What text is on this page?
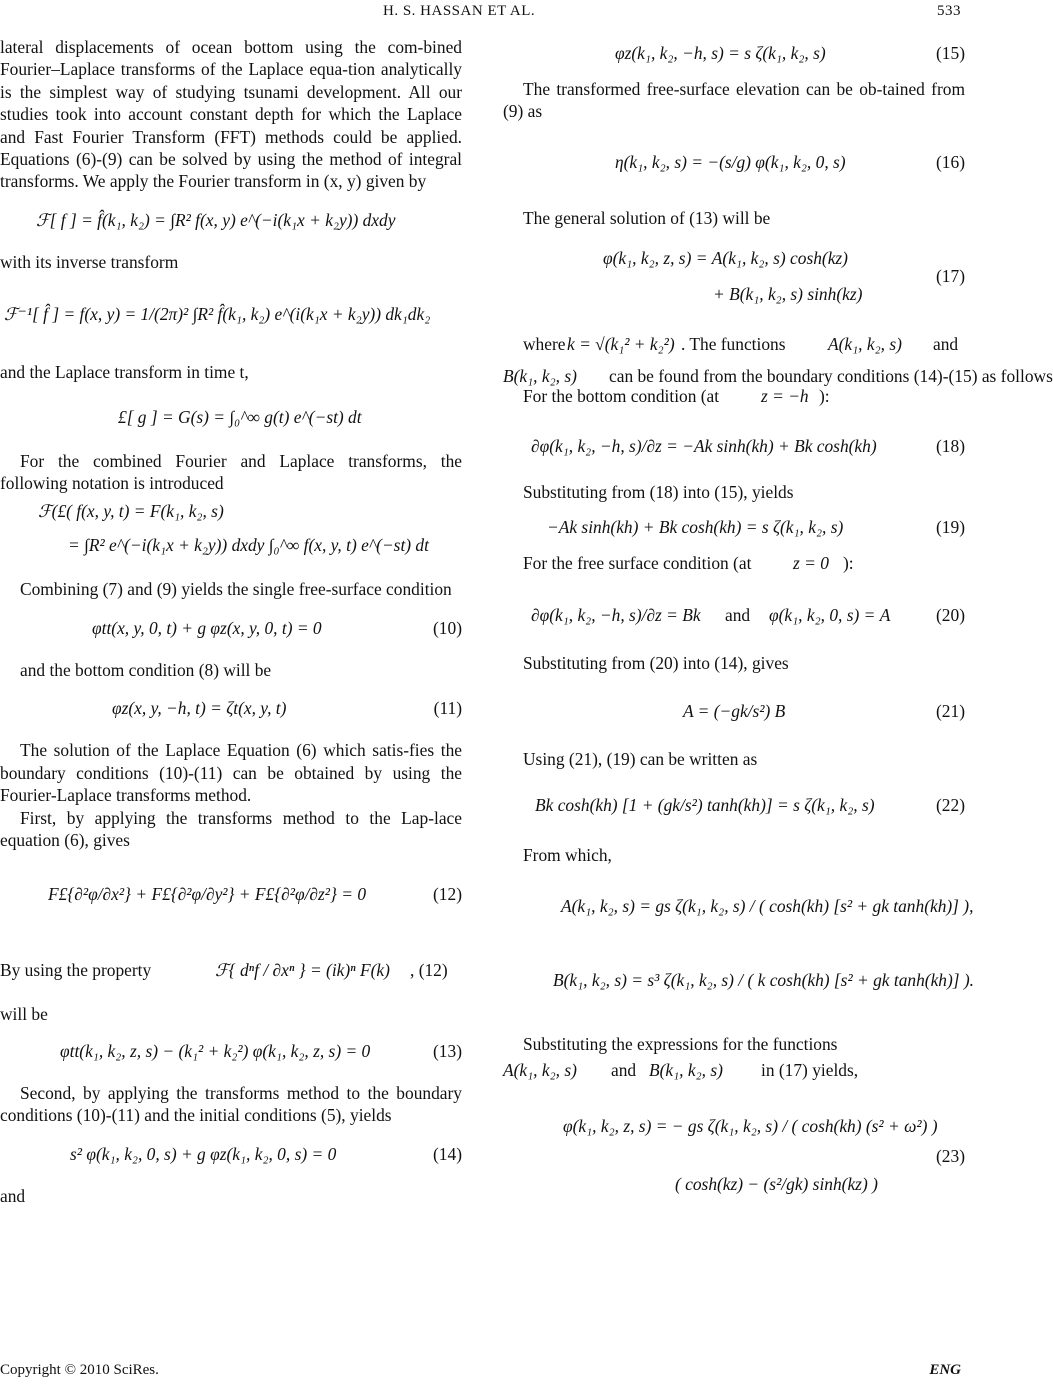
H. S. HASSAN ET AL.	533

lateral displacements of ocean bottom using the com-bined Fourier–Laplace transforms of the Laplace equa-tion analytically is the simplest way of studying tsunami development. All our studies took into account constant depth for which the Laplace and Fast Fourier Transform (FFT) methods could be applied. Equations (6)-(9) can be solved by using the method of integral transforms. We apply the Fourier transform in (x, y) given by

ℱ[ f ] = f̂(k₁, k₂) = ∫R² f(x, y) e^(−i(k₁x + k₂y)) dxdy

with its inverse transform

ℱ⁻¹[ f̂ ] = f(x, y) = 1/(2π)² ∫R² f̂(k₁, k₂) e^(i(k₁x + k₂y)) dk₁dk₂

and the Laplace transform in time t,

£[ g ] = G(s) = ∫₀^∞ g(t) e^(−st) dt

For the combined Fourier and Laplace transforms, the following notation is introduced

ℱ(£( f(x, y, t) = F(k₁, k₂, s)
= ∫R² e^(−i(k₁x + k₂y)) dxdy ∫₀^∞ f(x, y, t) e^(−st) dt

Combining (7) and (9) yields the single free-surface condition

φtt(x, y, 0, t) + g φz(x, y, 0, t) = 0	(10)

and the bottom condition (8) will be

φz(x, y, −h, t) = ζt(x, y, t)	(11)

The solution of the Laplace Equation (6) which satis-fies the boundary conditions (10)-(11) can be obtained by using the Fourier-Laplace transforms method.

First, by applying the transforms method to the Lap-lace equation (6), gives

F£{∂²φ/∂x²} + F£{∂²φ/∂y²} + F£{∂²φ/∂z²} = 0	(12)
By using the property	ℱ{ dⁿf / ∂xⁿ } = (ik)ⁿ F(k) , (12)

will be

φtt(k₁, k₂, z, s) − (k₁² + k₂²) φ(k₁, k₂, z, s) = 0	(13)

Second, by applying the transforms method to the boundary conditions (10)-(11) and the initial conditions (5), yields

s² φ(k₁, k₂, 0, s) + g φz(k₁, k₂, 0, s) = 0	(14)

and

φz(k₁, k₂, −h, s) = s ζ(k₁, k₂, s)	(15)

The transformed free-surface elevation can be ob-tained from (9) as

η(k₁, k₂, s) = −(s/g) φ(k₁, k₂, 0, s)	(16)

The general solution of (13) will be

φ(k₁, k₂, z, s) = A(k₁, k₂, s) cosh(kz)
+ B(k₁, k₂, s) sinh(kz)
(17)
where k = √(k₁² + k₂²) . The functions A(k₁, k₂, s) and
B(k₁, k₂, s) can be found from the boundary conditions (14)-(15) as follows
For the bottom condition (at z = −h ):
∂φ(k₁, k₂, −h, s)/∂z = −Ak sinh(kh) + Bk cosh(kh)	(18)

Substituting from (18) into (15), yields

−Ak sinh(kh) + Bk cosh(kh) = s ζ(k₁, k₂, s)	(19)
For the free surface condition (at z = 0 ):
∂φ(k₁, k₂, −h, s)/∂z = Bk and φ(k₁, k₂, 0, s) = A	(20)

Substituting from (20) into (14), gives

A = (−gk/s²) B	(21)

Using (21), (19) can be written as

Bk cosh(kh) [1 + (gk/s²) tanh(kh)] = s ζ(k₁, k₂, s)	(22)

From which,

A(k₁, k₂, s) = gs ζ(k₁, k₂, s) / ( cosh(kh) [s² + gk tanh(kh)] ),
B(k₁, k₂, s) = s³ ζ(k₁, k₂, s) / ( k cosh(kh) [s² + gk tanh(kh)] ).
Substituting the expressions for the functions
A(k₁, k₂, s) and B(k₁, k₂, s) in (17) yields,
φ(k₁, k₂, z, s) = − gs ζ(k₁, k₂, s) / ( cosh(kh) (s² + ω²) )
( cosh(kz) − (s²/gk) sinh(kz) )
(23)
Copyright © 2010 SciRes.	ENG
